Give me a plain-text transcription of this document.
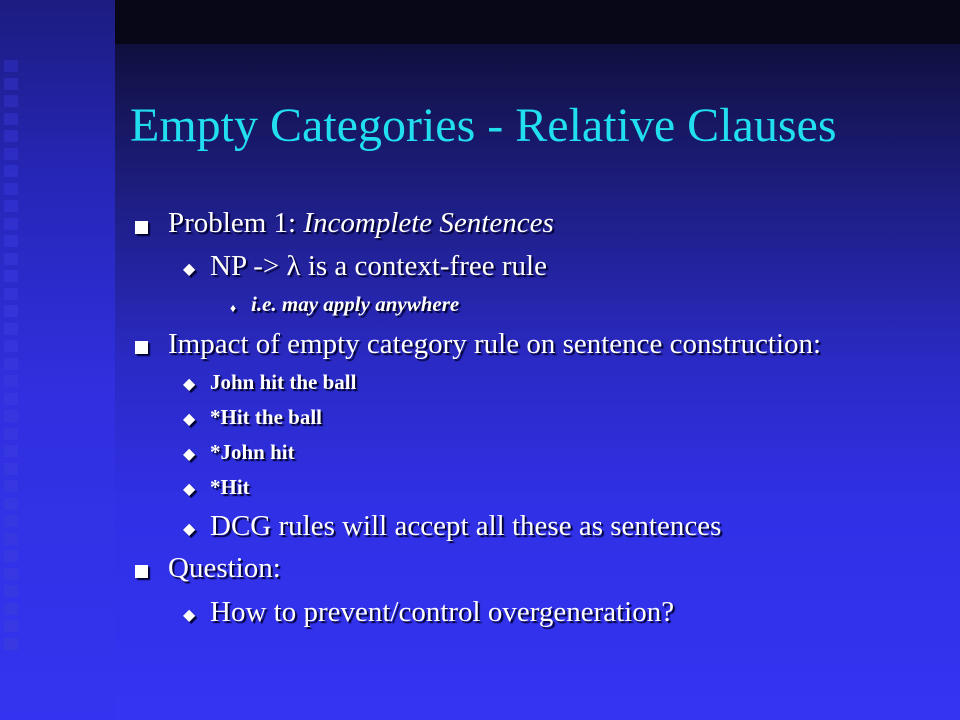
Empty Categories - Relative Clauses
Problem 1: Incomplete Sentences
◆ NP -> λ is a context-free rule
♦ i.e. may apply anywhere
Impact of empty category rule on sentence construction:
◆ John hit the ball
◆ *Hit the ball
◆ *John hit
◆ *Hit
◆ DCG rules will accept all these as sentences
Question:
◆ How to prevent/control overgeneration?
